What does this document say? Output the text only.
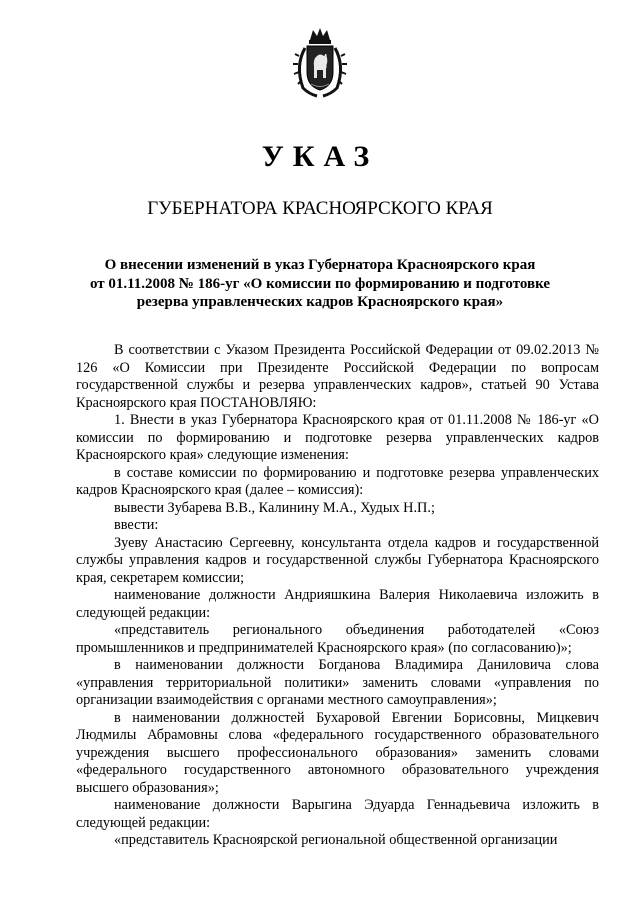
УКАЗ
ГУБЕРНАТОРА КРАСНОЯРСКОГО КРАЯ
О внесении изменений в указ Губернатора Красноярского края
от 01.11.2008 № 186-уг «О комиссии по формированию и подготовке
резерва управленческих кадров Красноярского края»

В соответствии с Указом Президента Российской Федерации от 09.02.2013 № 126 «О Комиссии при Президенте Российской Федерации по вопросам государственной службы и резерва управленческих кадров», статьей 90 Устава Красноярского края ПОСТАНОВЛЯЮ:

1. Внести в указ Губернатора Красноярского края от 01.11.2008 № 186-уг «О комиссии по формированию и подготовке резерва управленческих кадров Красноярского края» следующие изменения:

в составе комиссии по формированию и подготовке резерва управленческих кадров Красноярского края (далее – комиссия):

вывести Зубарева В.В., Калинину М.А., Худых Н.П.;

ввести:

Зуеву Анастасию Сергеевну, консультанта отдела кадров и государственной службы управления кадров и государственной службы Губернатора Красноярского края, секретарем комиссии;

наименование должности Андрияшкина Валерия Николаевича изложить в следующей редакции:

«представитель регионального объединения работодателей «Союз промышленников и предпринимателей Красноярского края» (по согласованию)»;

в наименовании должности Богданова Владимира Даниловича слова «управления территориальной политики» заменить словами «управления по организации взаимодействия с органами местного самоуправления»;

в наименовании должностей Бухаровой Евгении Борисовны, Мицкевич Людмилы Абрамовны слова «федерального государственного образовательного учреждения высшего профессионального образования» заменить словами «федерального государственного автономного образовательного учреждения высшего образования»;

наименование должности Варыгина Эдуарда Геннадьевича изложить в следующей редакции:

«представитель Красноярской региональной общественной организации
